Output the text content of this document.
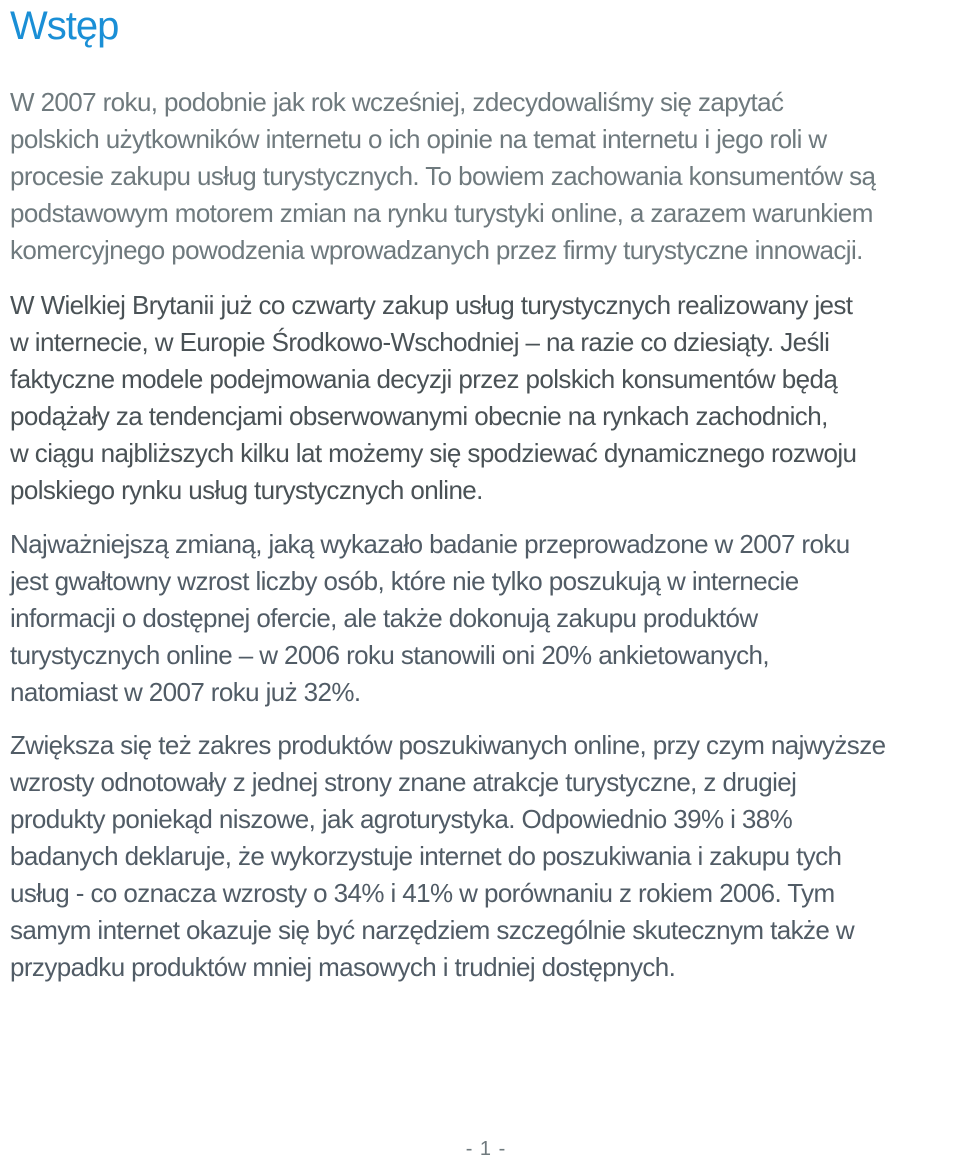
Wstęp

W 2007 roku, podobnie jak rok wcześniej, zdecydowaliśmy się zapytać
polskich użytkowników internetu o ich opinie na temat internetu i jego roli w
procesie zakupu usług turystycznych. To bowiem zachowania konsumentów są
podstawowym motorem zmian na rynku turystyki online, a zarazem warunkiem
komercyjnego powodzenia wprowadzanych przez firmy turystyczne innowacji.

W Wielkiej Brytanii już co czwarty zakup usług turystycznych realizowany jest
w internecie, w Europie Środkowo-Wschodniej – na razie co dziesiąty. Jeśli
faktyczne modele podejmowania decyzji przez polskich konsumentów będą
podążały za tendencjami obserwowanymi obecnie na rynkach zachodnich,
w ciągu najbliższych kilku lat możemy się spodziewać dynamicznego rozwoju
polskiego rynku usług turystycznych online.

Najważniejszą zmianą, jaką wykazało badanie przeprowadzone w 2007 roku
jest gwałtowny wzrost liczby osób, które nie tylko poszukują w internecie
informacji o dostępnej ofercie, ale także dokonują zakupu produktów
turystycznych online – w 2006 roku stanowili oni 20% ankietowanych,
natomiast w 2007 roku już 32%.

Zwiększa się też zakres produktów poszukiwanych online, przy czym najwyższe
wzrosty odnotowały z jednej strony znane atrakcje turystyczne, z drugiej
produkty poniekąd niszowe, jak agroturystyka. Odpowiednio 39% i 38%
badanych deklaruje, że wykorzystuje internet do poszukiwania i zakupu tych
usług - co oznacza wzrosty o 34% i 41% w porównaniu z rokiem 2006. Tym
samym internet okazuje się być narzędziem szczególnie skutecznym także w
przypadku produktów mniej masowych i trudniej dostępnych.

- 1 -
